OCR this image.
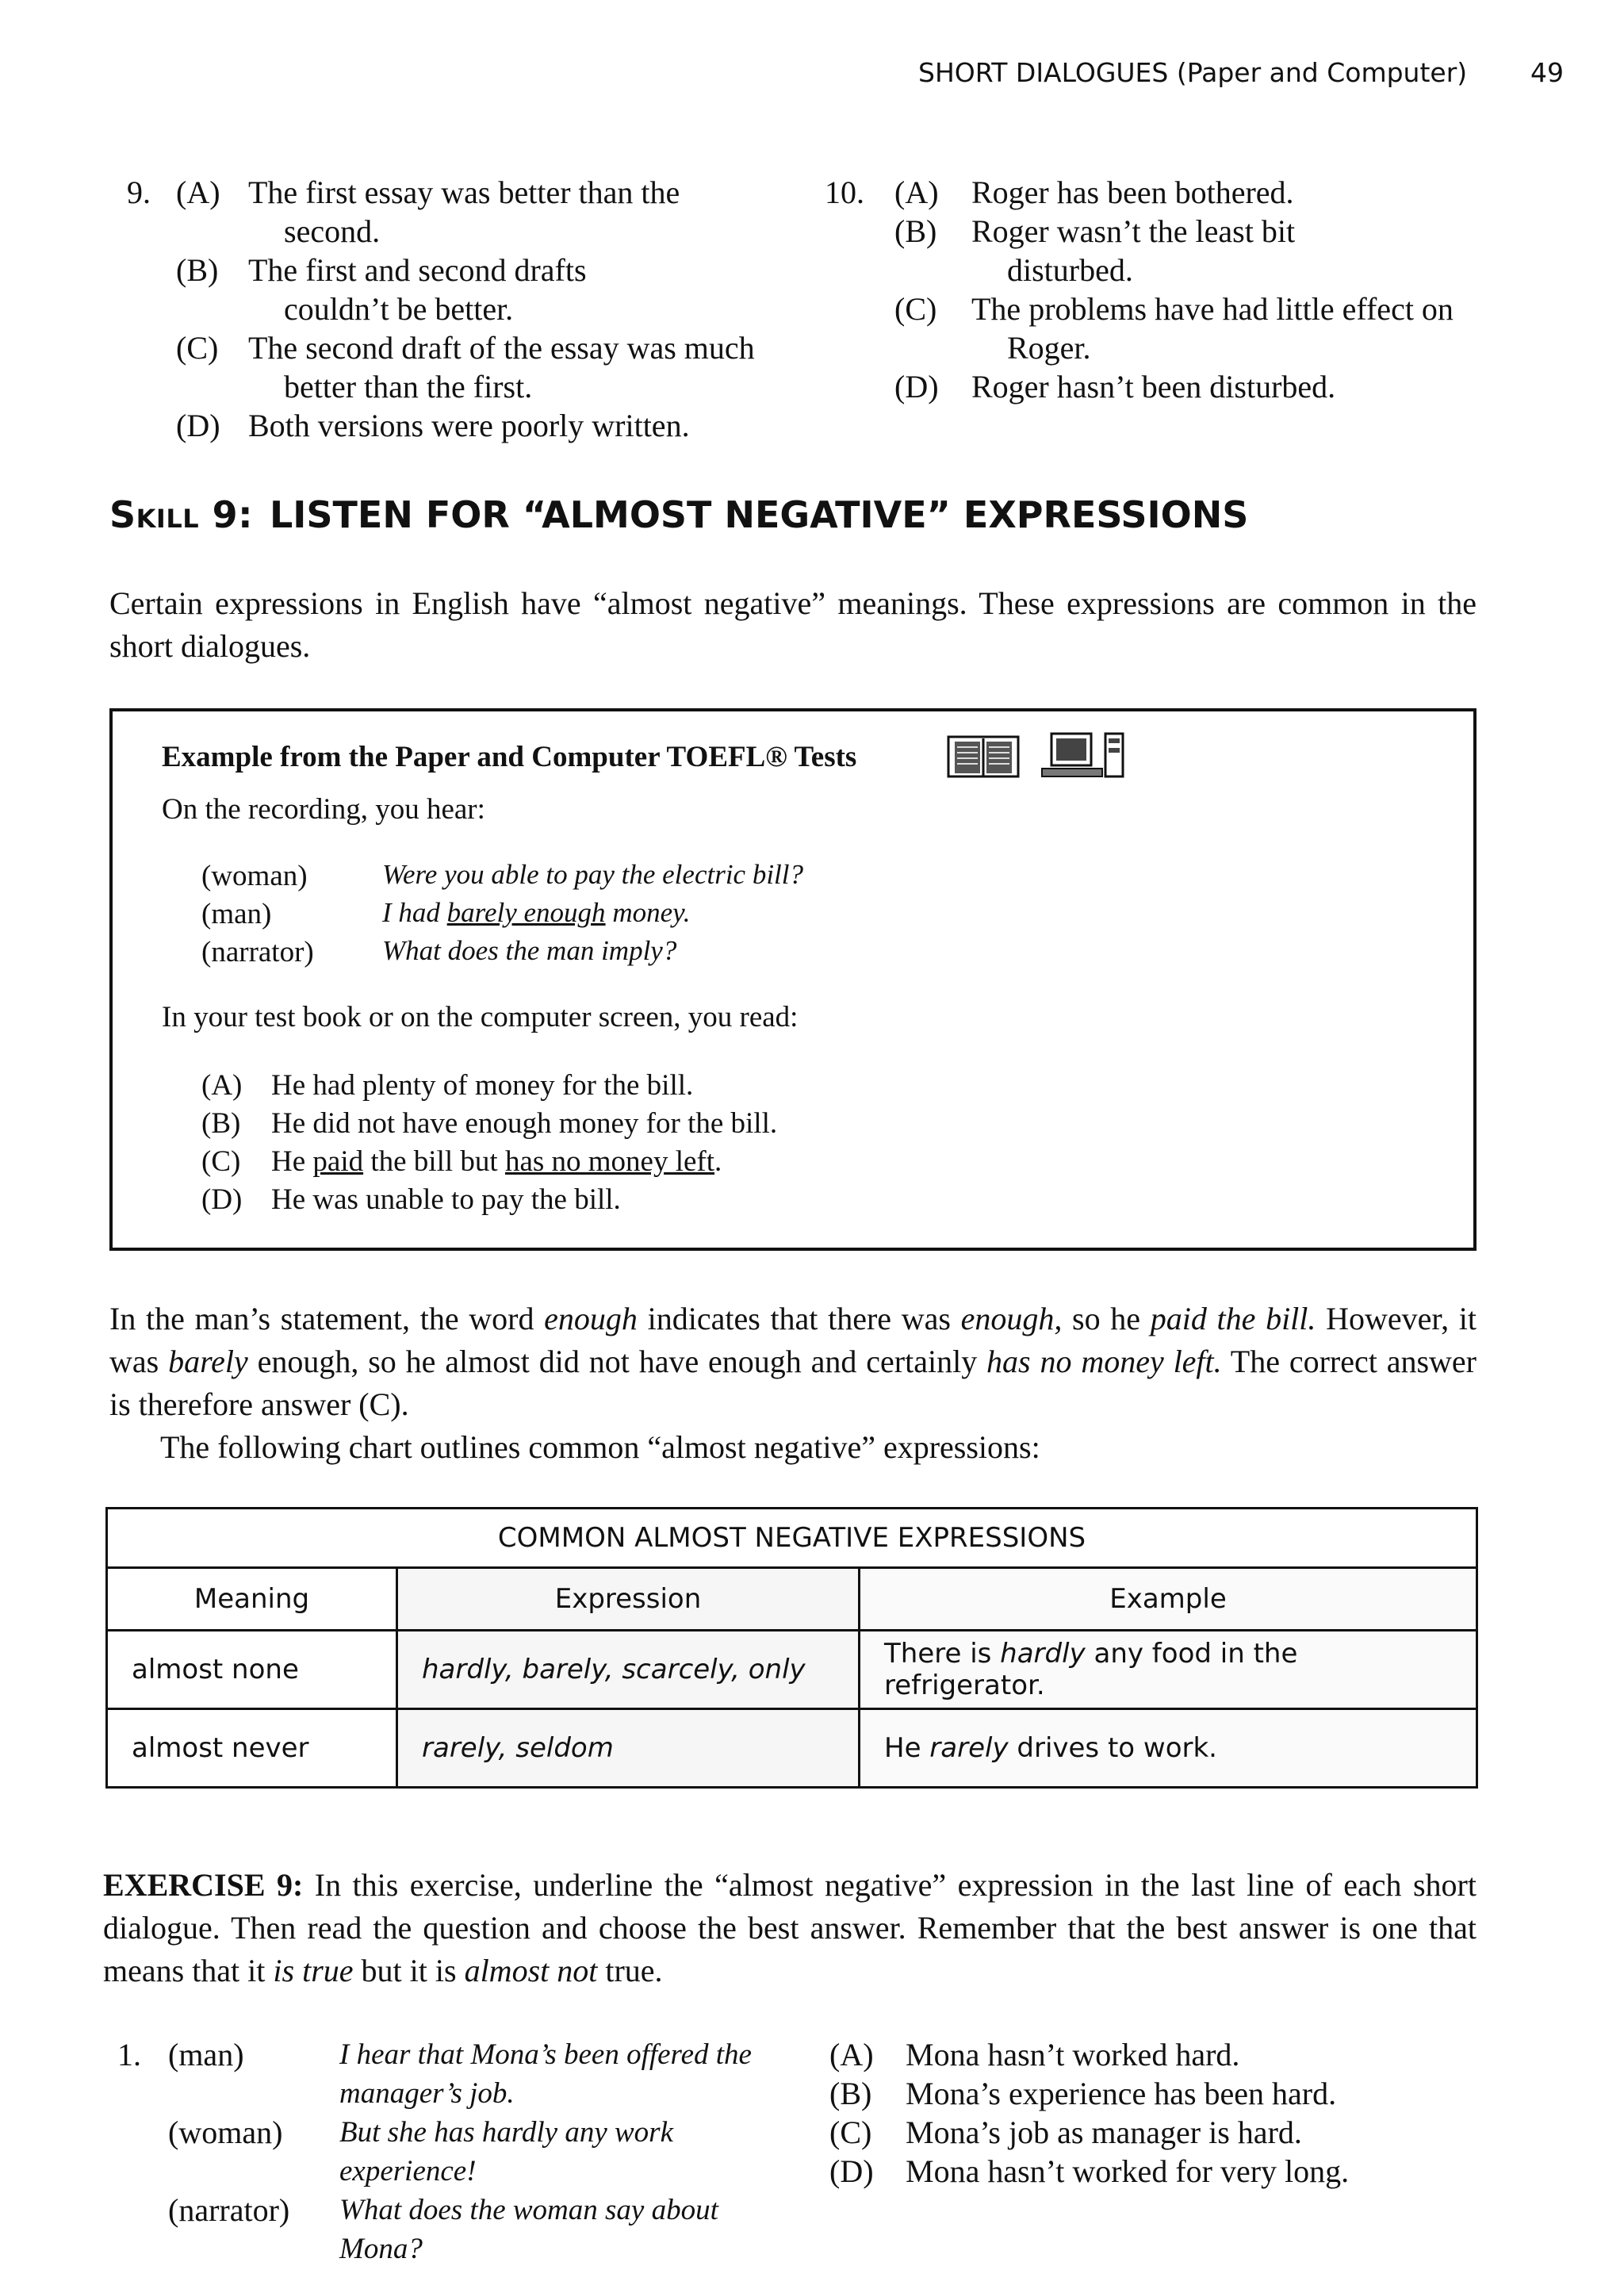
SHORT DIALOGUES (Paper and Computer) 49
9. (A) The first essay was better than the second.
(B) The first and second drafts couldn’t be better.
(C) The second draft of the essay was much better than the first.
(D) Both versions were poorly written.
10. (A) Roger has been bothered.
(B) Roger wasn’t the least bit disturbed.
(C) The problems have had little effect on Roger.
(D) Roger hasn’t been disturbed.
Skill 9: LISTEN FOR “ALMOST NEGATIVE” EXPRESSIONS
Certain expressions in English have “almost negative” meanings. These expressions are common in the short dialogues.
Example from the Paper and Computer TOEFL® Tests
On the recording, you hear:
(woman)	Were you able to pay the electric bill?
(man)	I had barely enough money.
(narrator) What does the man imply?
In your test book or on the computer screen, you read:
(A) He had plenty of money for the bill.
(B) He did not have enough money for the bill.
(C) He paid the bill but has no money left.
(D) He was unable to pay the bill.
In the man’s statement, the word enough indicates that there was enough, so he paid the bill. However, it was barely enough, so he almost did not have enough and certainly has no money left. The correct answer is therefore answer (C).
The following chart outlines common “almost negative” expressions:
COMMON ALMOST NEGATIVE EXPRESSIONS		
Meaning	Expression	Example
almost none	hardly, barely, scarcely, only	There is hardly any food in the refrigerator.
almost never	rarely, seldom	He rarely drives to work.
EXERCISE 9: In this exercise, underline the “almost negative” expression in the last line of each short dialogue. Then read the question and choose the best answer. Remember that the best answer is one that means that it is true but it is almost not true.
1. (man)	I hear that Mona’s been offered the manager’s job.
(woman) But she has hardly any work experience!
(narrator) What does the woman say about Mona?
(A) Mona hasn’t worked hard.
(B) Mona’s experience has been hard.
(C) Mona’s job as manager is hard.
(D) Mona hasn’t worked for very long.
